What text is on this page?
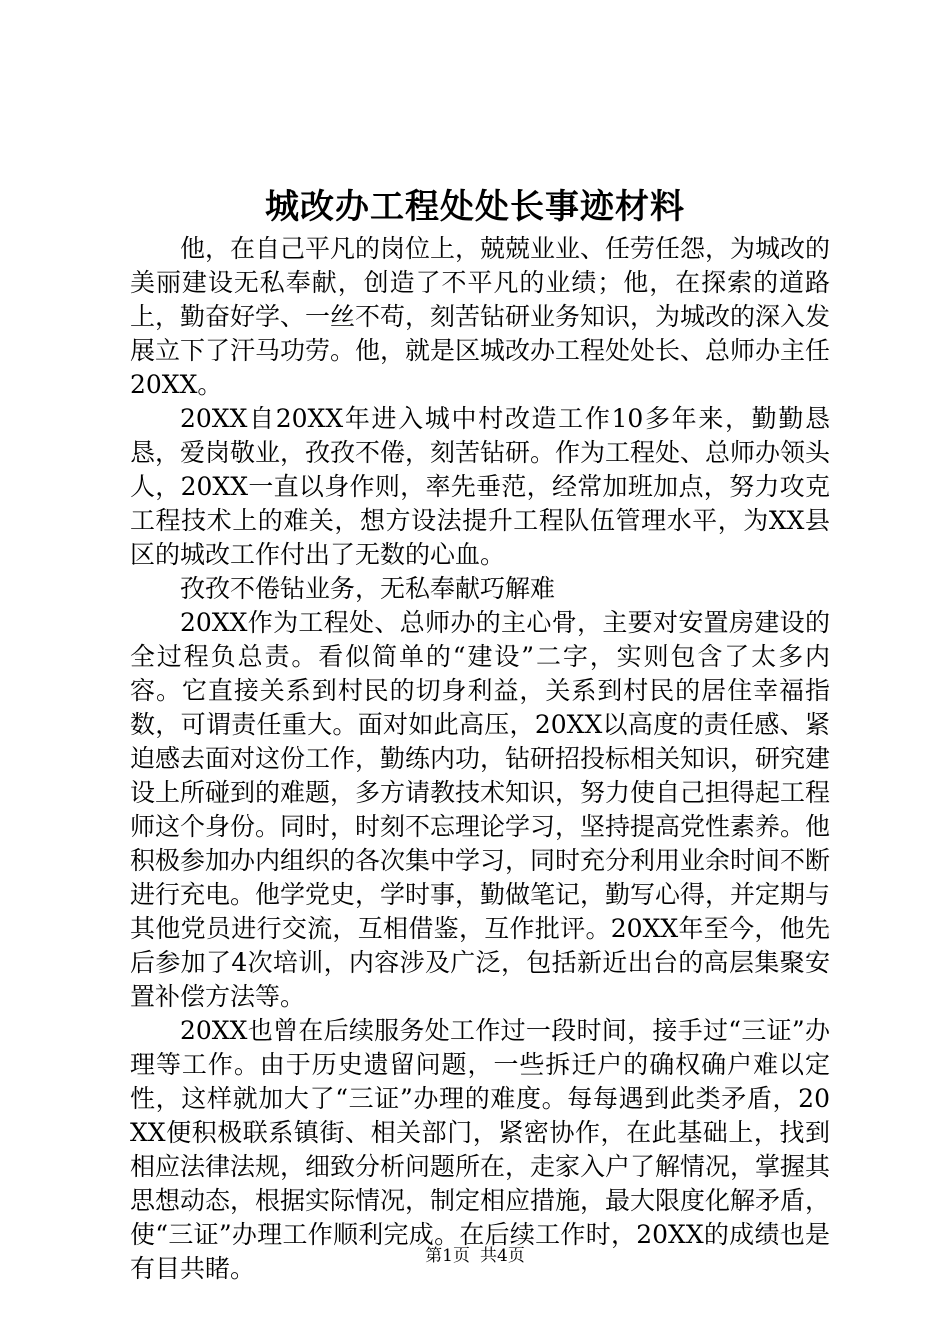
城改办工程处处长事迹材料

他，在自己平凡的岗位上，兢兢业业、任劳任怨，为城改的美丽建设无私奉献，创造了不平凡的业绩；他，在探索的道路上，勤奋好学、一丝不苟，刻苦钻研业务知识，为城改的深入发展立下了汗马功劳。他，就是区城改办工程处处长、总师办主任20XX。

20XX自20XX年进入城中村改造工作10多年来，勤勤恳恳，爱岗敬业，孜孜不倦，刻苦钻研。作为工程处、总师办领头人，20XX一直以身作则，率先垂范，经常加班加点，努力攻克工程技术上的难关，想方设法提升工程队伍管理水平，为XX县区的城改工作付出了无数的心血。

孜孜不倦钻业务，无私奉献巧解难

20XX作为工程处、总师办的主心骨，主要对安置房建设的全过程负总责。看似简单的“建设”二字，实则包含了太多内容。它直接关系到村民的切身利益，关系到村民的居住幸福指数，可谓责任重大。面对如此高压，20XX以高度的责任感、紧迫感去面对这份工作，勤练内功，钻研招投标相关知识，研究建设上所碰到的难题，多方请教技术知识，努力使自己担得起工程师这个身份。同时，时刻不忘理论学习，坚持提高党性素养。他积极参加办内组织的各次集中学习，同时充分利用业余时间不断进行充电。他学党史，学时事，勤做笔记，勤写心得，并定期与其他党员进行交流，互相借鉴，互作批评。20XX年至今，他先后参加了4次培训，内容涉及广泛，包括新近出台的高层集聚安置补偿方法等。

20XX也曾在后续服务处工作过一段时间，接手过“三证”办理等工作。由于历史遗留问题，一些拆迁户的确权确户难以定性，这样就加大了“三证”办理的难度。每每遇到此类矛盾，20XX便积极联系镇街、相关部门，紧密协作，在此基础上，找到相应法律法规，细致分析问题所在，走家入户了解情况，掌握其思想动态，根据实际情况，制定相应措施，最大限度化解矛盾，使“三证”办理工作顺利完成。在后续工作时，20XX的成绩也是有目共睹。	第1页 共4页
